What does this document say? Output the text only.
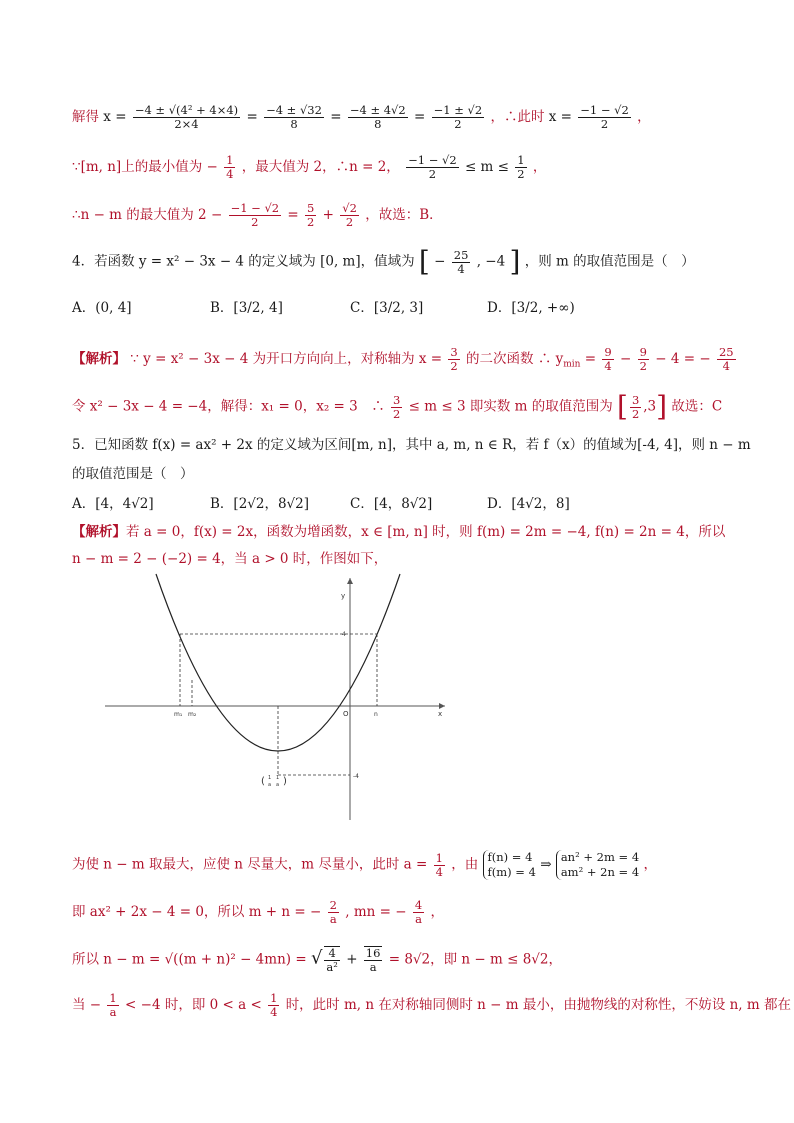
解得 $x = \frac{\text{−4 ± √(4² + 4×4)}}{2\times 4} = \frac{-4 \pm √32}{8} = \frac{-4 \pm 4√2}{8} = \frac{-1 \pm √2}{2}$ ，∴此时 $x = \frac{-1 - √2}{2}$ ，
∵[m, n]上的最小值为 − $\frac{1}{4}$ ，最大值为 2，∴n = 2， $\frac{-1 - √2}{2} \le m \le \frac{1}{2}$ ，
∴n − m 的最大值为 $2 - \frac{-1 - √2}{2} = \frac{5}{2} + \frac{√2}{2}$ ，故选：B．
4．若函数 y = x² − 3x − 4 的定义域为 [0, m]，值域为 [ − $\frac{25}{4}$ , −4 ] ，则 m 的取值范围是（　）
A．(0, 4]	B．[3/2, 4]	C．[3/2, 3]	D．[3/2, +∞)
【解析】 ∵ y = x² − 3x − 4 为开口方向向上，对称轴为 $x = \frac{3}{2}$ 的二次函数 ∴ $y_{min} = \frac{9}{4} - \frac{9}{2} - 4$ = − $\frac{25}{4}$
令 x² − 3x − 4 = −4，解得：x₁ = 0，x₂ = 3　∴ $\frac{3}{2} \le m \le 3$ 即实数 m 的取值范围为 [ $\frac{3}{2} ,3$] 故选：C
5．已知函数 f(x) = ax² + 2x 的定义域为区间[m, n]，其中 a, m, n ∈ R，若 f（x）的值域为[-4, 4]，则 n − m
的取值范围是（　）
A．[4，4√2]	B．[2√2，8√2]	C．[4，8√2]	D．[4√2，8]
【解析】若 a = 0，f(x) = 2x，函数为增函数，x ∈ [m, n] 时，则 f(m) = 2m = −4, f(n) = 2n = 4，所以
n − m = 2 − (−2) = 4，当 a > 0 时，作图如下，
y
x
O
m₁ m₂	n
4
-4
( 1
a
1
a )
为使 n − m 取最大，应使 n 尽量大，m 尽量小，此时 $a = \frac{1}{4}$ ，由 f(n) = 4
f(m) = 4 ⇒ an² + 2m = 4
am² + 2n = 4 ，
即 ax² + 2x − 4 = 0，所以 m + n = − $\frac{2}{a}$ , mn = − $\frac{4}{a}$ ，
所以 n − m = √((m + n)² − 4mn) = √ $\frac{4}{\text{a²}} + \frac{16}{a} = 8√2$，即 n − m ≤ 8√2，
当 − $\frac{1}{a} < -4$ 时，即 $0 < a < \frac{1}{4}$ 时，此时 m, n 在对称轴同侧时 n − m 最小，由抛物线的对称性，不妨设 n, m 都在
